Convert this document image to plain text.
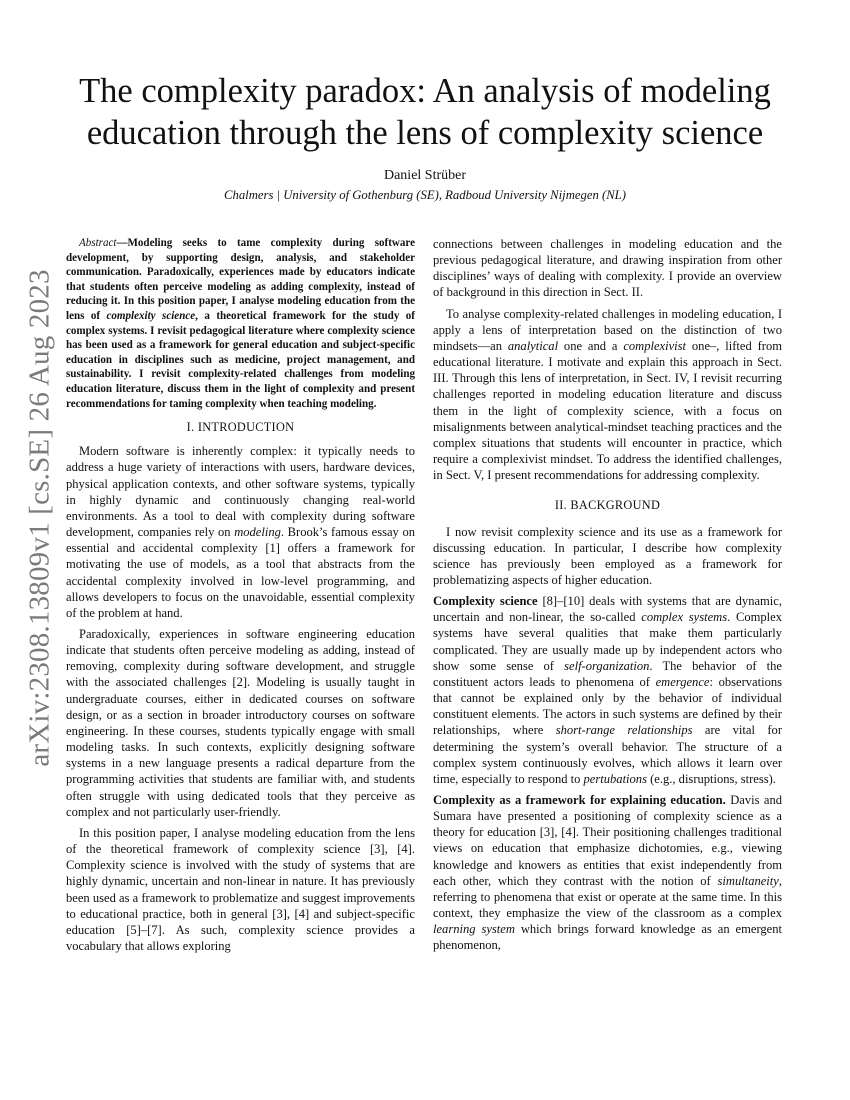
arXiv:2308.13809v1 [cs.SE] 26 Aug 2023
The complexity paradox: An analysis of modeling
education through the lens of complexity science
Daniel Strüber
Chalmers | University of Gothenburg (SE), Radboud University Nijmegen (NL)

Abstract—Modeling seeks to tame complexity during software development, by supporting design, analysis, and stakeholder communication. Paradoxically, experiences made by educators indicate that students often perceive modeling as adding complexity, instead of reducing it. In this position paper, I analyse modeling education from the lens of complexity science, a theoretical framework for the study of complex systems. I revisit pedagogical literature where complexity science has been used as a framework for general education and subject-specific education in disciplines such as medicine, project management, and sustainability. I revisit complexity-related challenges from modeling education literature, discuss them in the light of complexity and present recommendations for taming complexity when teaching modeling.

I. INTRODUCTION

Modern software is inherently complex: it typically needs to address a huge variety of interactions with users, hardware devices, physical application contexts, and other software systems, typically in highly dynamic and continuously changing real-world environments. As a tool to deal with complexity during software development, companies rely on modeling. Brook’s famous essay on essential and accidental complexity [1] offers a framework for motivating the use of models, as a tool that abstracts from the accidental complexity involved in low-level programming, and allows developers to focus on the unavoidable, essential complexity of the problem at hand.

Paradoxically, experiences in software engineering education indicate that students often perceive modeling as adding, instead of removing, complexity during software development, and struggle with the associated challenges [2]. Modeling is usually taught in undergraduate courses, either in dedicated courses on software design, or as a section in broader introductory courses on software engineering. In these courses, students typically engage with small modeling tasks. In such contexts, explicitly designing software systems in a new language presents a radical departure from the programming activities that students are familiar with, and students often struggle with using dedicated tools that they perceive as complex and not particularly user-friendly.

In this position paper, I analyse modeling education from the lens of the theoretical framework of complexity science [3], [4]. Complexity science is involved with the study of systems that are highly dynamic, uncertain and non-linear in nature. It has previously been used as a framework to problematize and suggest improvements to educational practice, both in general [3], [4] and subject-specific education [5]–[7]. As such, complexity science provides a vocabulary that allows exploring

connections between challenges in modeling education and the previous pedagogical literature, and drawing inspiration from other disciplines’ ways of dealing with complexity. I provide an overview of background in this direction in Sect. II.

To analyse complexity-related challenges in modeling education, I apply a lens of interpretation based on the distinction of two mindsets—an analytical one and a complexivist one–, lifted from educational literature. I motivate and explain this approach in Sect. III. Through this lens of interpretation, in Sect. IV, I revisit recurring challenges reported in modeling education literature and discuss them in the light of complexity science, with a focus on misalignments between analytical-mindset teaching practices and the complex situations that students will encounter in practice, which require a complexivist mindset. To address the identified challenges, in Sect. V, I present recommendations for addressing complexity.

II. BACKGROUND

I now revisit complexity science and its use as a framework for discussing education. In particular, I describe how complexity science has previously been employed as a framework for problematizing aspects of higher education.

Complexity science [8]–[10] deals with systems that are dynamic, uncertain and non-linear, the so-called complex systems. Complex systems have several qualities that make them particularly complicated. They are usually made up by independent actors who show some sense of self-organization. The behavior of the constituent actors leads to phenomena of emergence: observations that cannot be explained only by the behavior of individual constituent elements. The actors in such systems are defined by their relationships, where short-range relationships are vital for determining the system’s overall behavior. The structure of a complex system continuously evolves, which allows it learn over time, especially to respond to pertubations (e.g., disruptions, stress).

Complexity as a framework for explaining education. Davis and Sumara have presented a positioning of complexity science as a theory for education [3], [4]. Their positioning challenges traditional views on education that emphasize dichotomies, e.g., viewing knowledge and knowers as entities that exist independently from each other, which they contrast with the notion of simultaneity, referring to phenomena that exist or operate at the same time. In this context, they emphasize the view of the classroom as a complex learning system which brings forward knowledge as an emergent phenomenon,
